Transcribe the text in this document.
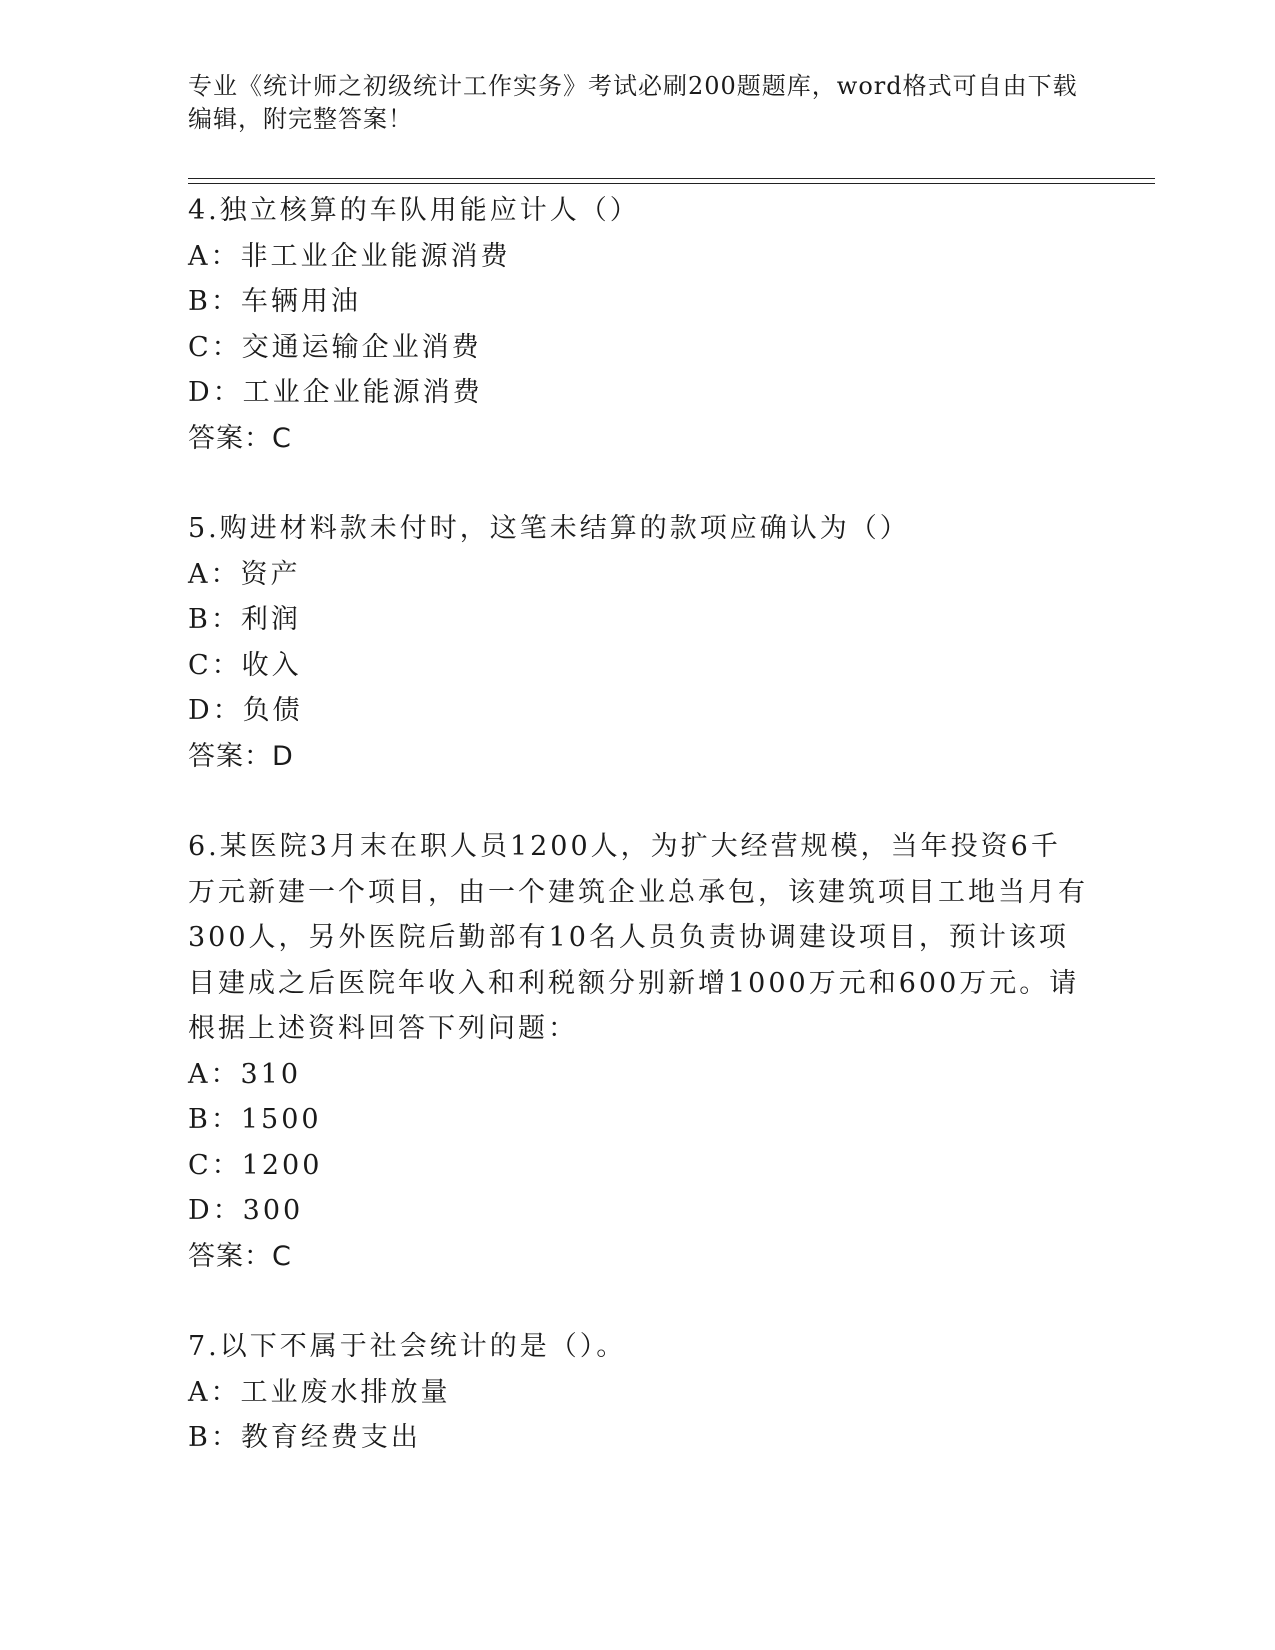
专业《统计师之初级统计工作实务》考试必刷200题题库，word格式可自由下载
编辑，附完整答案！
4.独立核算的车队用能应计人（）
A：非工业企业能源消费
B：车辆用油
C：交通运输企业消费
D：工业企业能源消费
答案：C
5.购进材料款未付时，这笔未结算的款项应确认为（）
A：资产
B：利润
C：收入
D：负债
答案：D
6.某医院3月末在职人员1200人，为扩大经营规模，当年投资6千万元新建一个项目，由一个建筑企业总承包，该建筑项目工地当月有300人，另外医院后勤部有10名人员负责协调建设项目，预计该项目建成之后医院年收入和利税额分别新增1000万元和600万元。请根据上述资料回答下列问题：
A：310
B：1500
C：1200
D：300
答案：C
7.以下不属于社会统计的是（）。
A：工业废水排放量
B：教育经费支出
